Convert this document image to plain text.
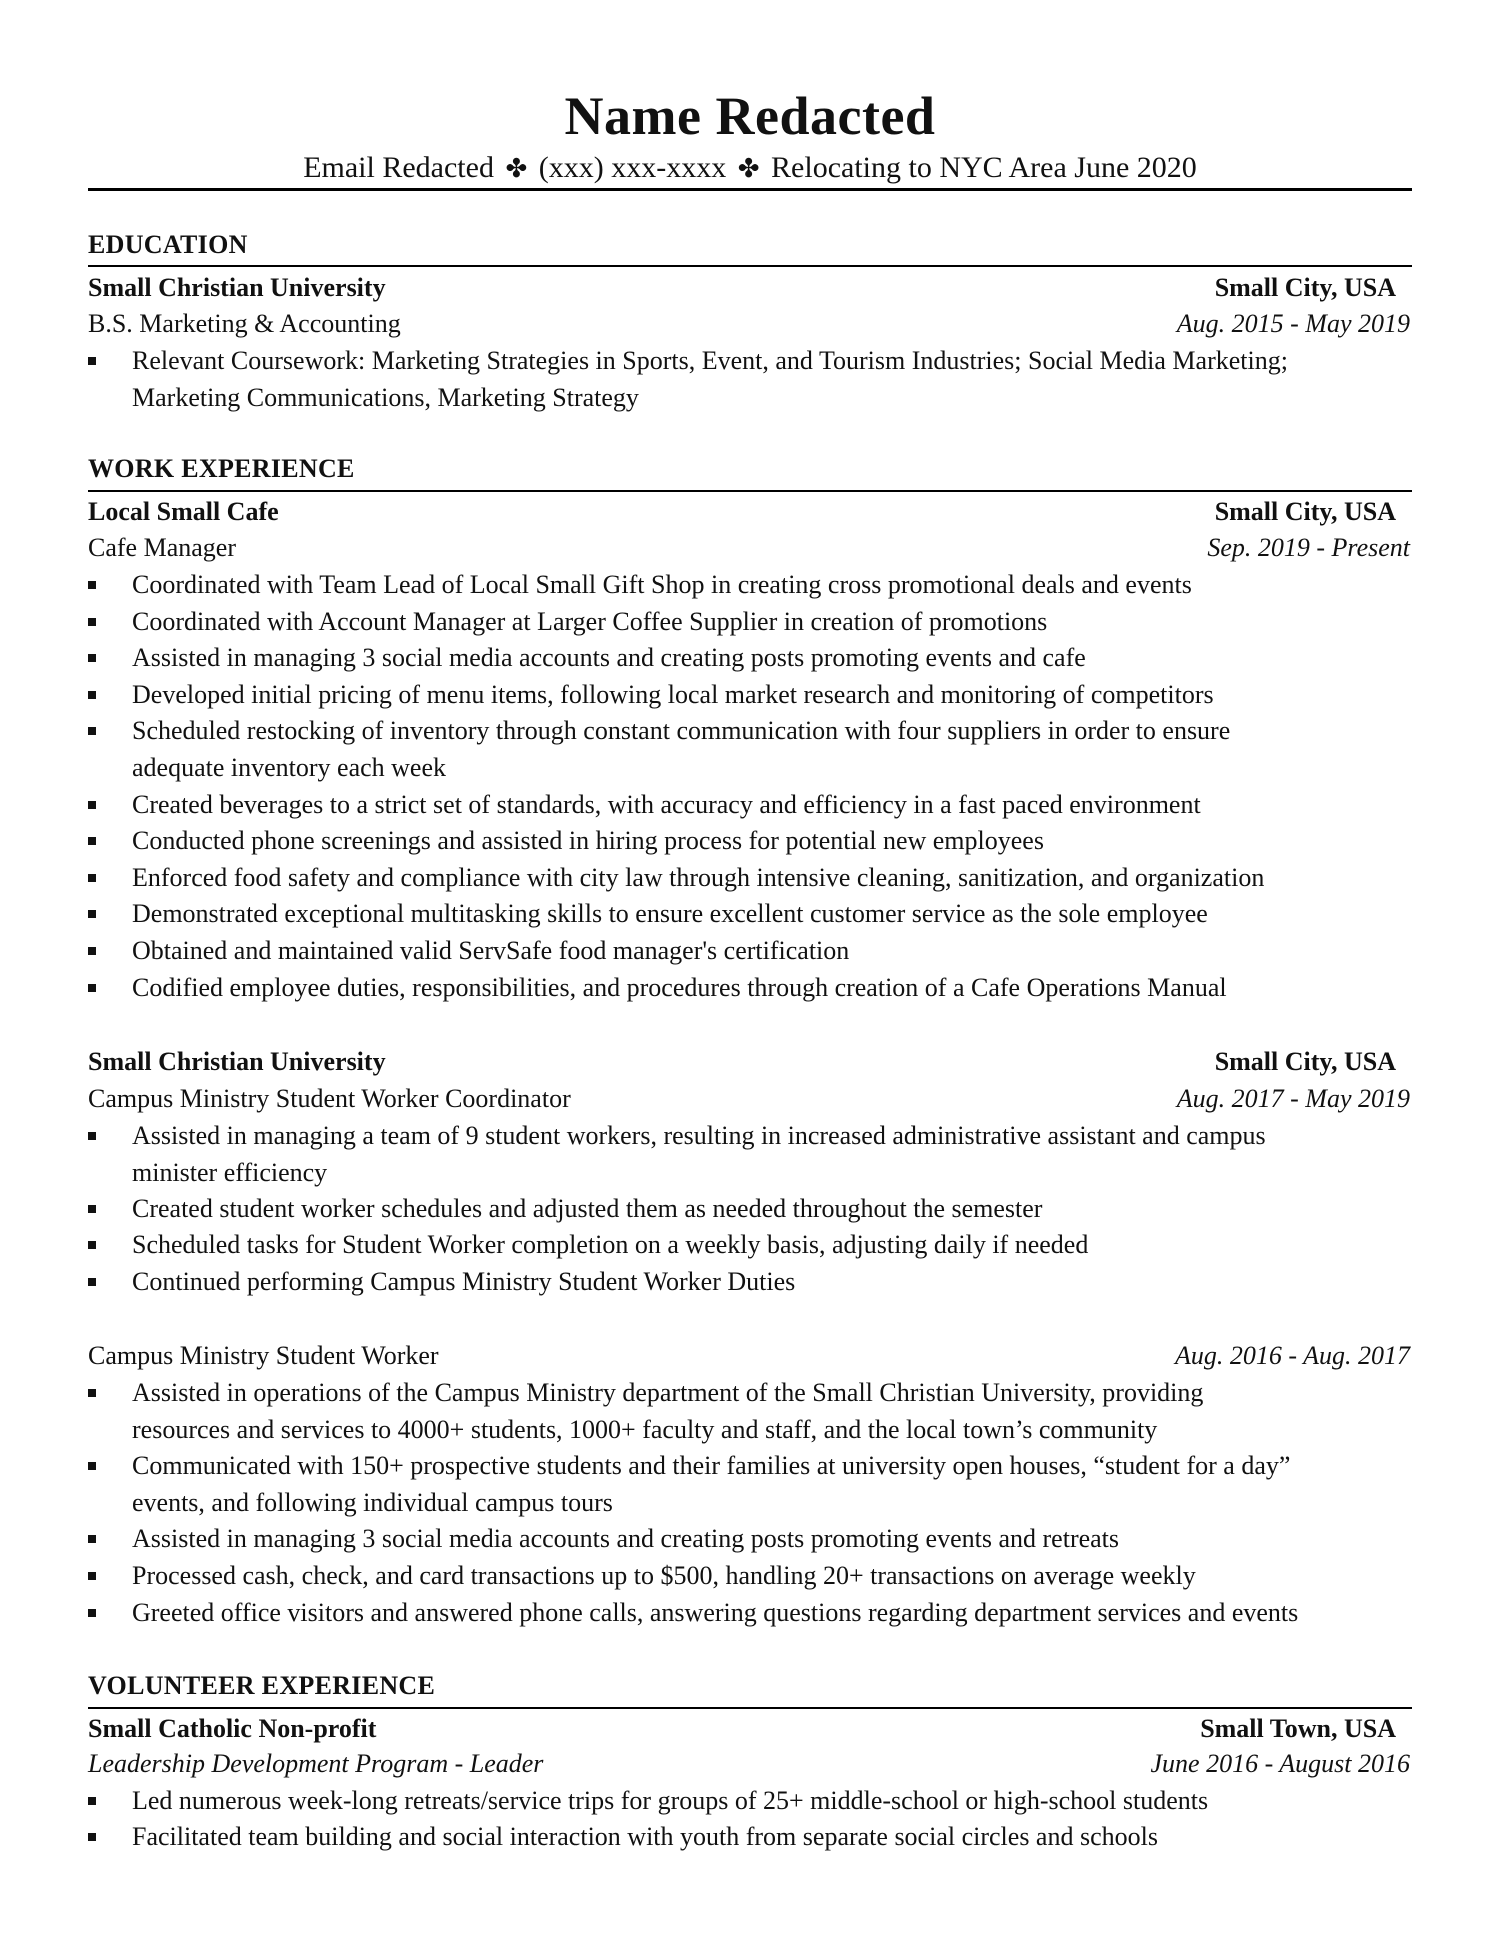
Name Redacted
Email Redacted ✤ (xxx) xxx-xxxx ✤ Relocating to NYC Area June 2020
EDUCATION
Small Christian University	Small City, USA
B.S. Marketing & Accounting	Aug. 2015 - May 2019
Relevant Coursework: Marketing Strategies in Sports, Event, and Tourism Industries; Social Media Marketing;
Marketing Communications, Marketing Strategy
WORK EXPERIENCE
Local Small Cafe	Small City, USA
Cafe Manager	Sep. 2019 - Present
Coordinated with Team Lead of Local Small Gift Shop in creating cross promotional deals and events
Coordinated with Account Manager at Larger Coffee Supplier in creation of promotions
Assisted in managing 3 social media accounts and creating posts promoting events and cafe
Developed initial pricing of menu items, following local market research and monitoring of competitors
Scheduled restocking of inventory through constant communication with four suppliers in order to ensure
adequate inventory each week
Created beverages to a strict set of standards, with accuracy and efficiency in a fast paced environment
Conducted phone screenings and assisted in hiring process for potential new employees
Enforced food safety and compliance with city law through intensive cleaning, sanitization, and organization
Demonstrated exceptional multitasking skills to ensure excellent customer service as the sole employee
Obtained and maintained valid ServSafe food manager's certification
Codified employee duties, responsibilities, and procedures through creation of a Cafe Operations Manual
Small Christian University	Small City, USA
Campus Ministry Student Worker Coordinator	Aug. 2017 - May 2019
Assisted in managing a team of 9 student workers, resulting in increased administrative assistant and campus
minister efficiency
Created student worker schedules and adjusted them as needed throughout the semester
Scheduled tasks for Student Worker completion on a weekly basis, adjusting daily if needed
Continued performing Campus Ministry Student Worker Duties
Campus Ministry Student Worker	Aug. 2016 - Aug. 2017
Assisted in operations of the Campus Ministry department of the Small Christian University, providing
resources and services to 4000+ students, 1000+ faculty and staff, and the local town’s community
Communicated with 150+ prospective students and their families at university open houses, “student for a day”
events, and following individual campus tours
Assisted in managing 3 social media accounts and creating posts promoting events and retreats
Processed cash, check, and card transactions up to $500, handling 20+ transactions on average weekly
Greeted office visitors and answered phone calls, answering questions regarding department services and events
VOLUNTEER EXPERIENCE
Small Catholic Non-profit	Small Town, USA
Leadership Development Program - Leader	June 2016 - August 2016
Led numerous week-long retreats/service trips for groups of 25+ middle-school or high-school students
Facilitated team building and social interaction with youth from separate social circles and schools
